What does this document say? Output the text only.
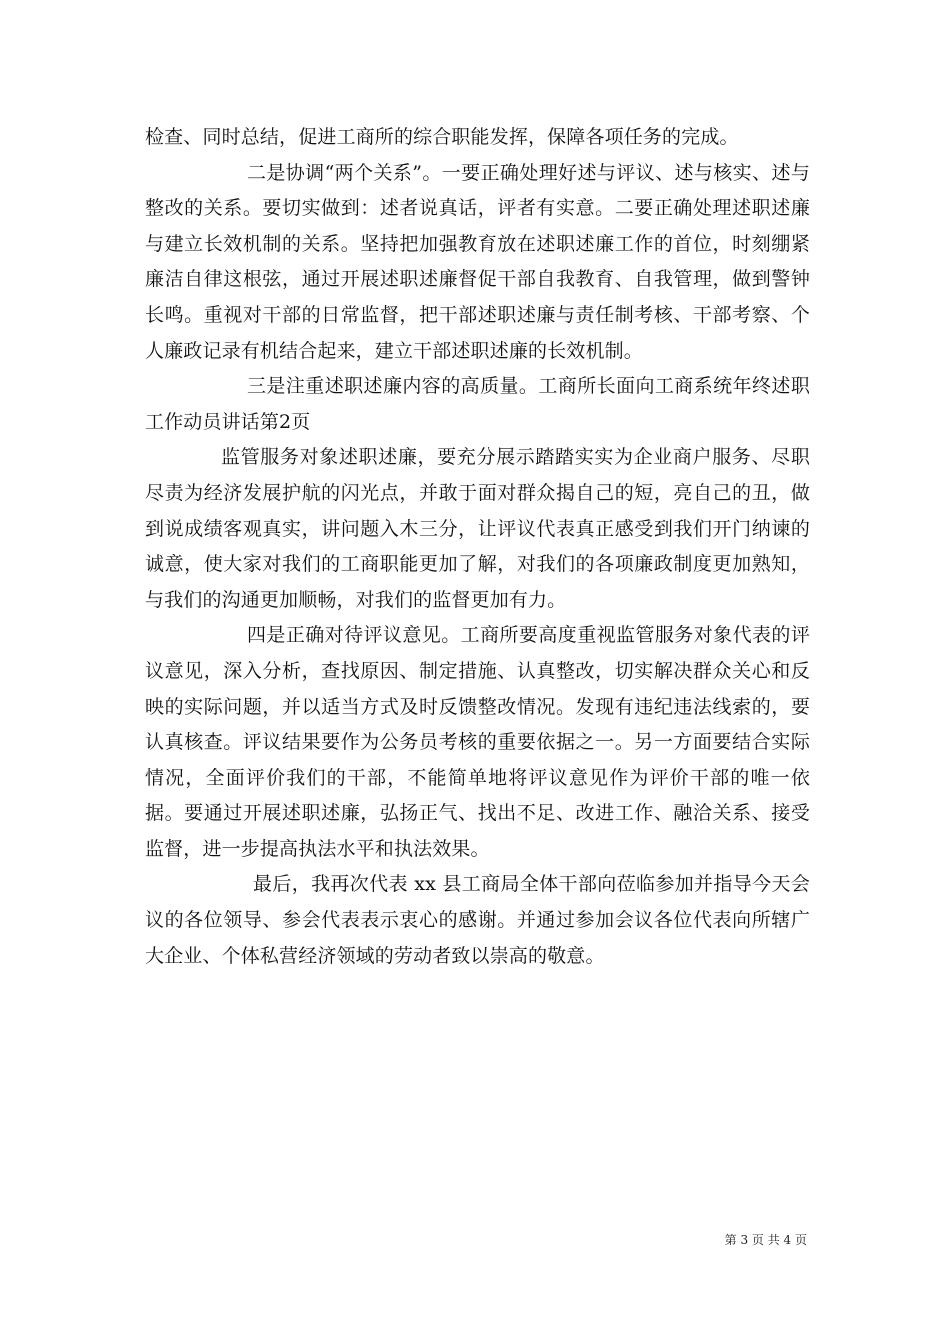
检查、同时总结，促进工商所的综合职能发挥，保障各项任务的完成。

二是协调“两个关系”。一要正确处理好述与评议、述与核实、述与整改的关系。要切实做到：述者说真话，评者有实意。二要正确处理述职述廉与建立长效机制的关系。坚持把加强教育放在述职述廉工作的首位，时刻绷紧廉洁自律这根弦，通过开展述职述廉督促干部自我教育、自我管理，做到警钟长鸣。重视对干部的日常监督，把干部述职述廉与责任制考核、干部考察、个人廉政记录有机结合起来，建立干部述职述廉的长效机制。

三是注重述职述廉内容的高质量。工商所长面向工商系统年终述职工作动员讲话第2页

监管服务对象述职述廉，要充分展示踏踏实实为企业商户服务、尽职尽责为经济发展护航的闪光点，并敢于面对群众揭自己的短，亮自己的丑，做到说成绩客观真实，讲问题入木三分，让评议代表真正感受到我们开门纳谏的诚意，使大家对我们的工商职能更加了解，对我们的各项廉政制度更加熟知，与我们的沟通更加顺畅，对我们的监督更加有力。

四是正确对待评议意见。工商所要高度重视监管服务对象代表的评议意见，深入分析，查找原因、制定措施、认真整改，切实解决群众关心和反映的实际问题，并以适当方式及时反馈整改情况。发现有违纪违法线索的，要认真核查。评议结果要作为公务员考核的重要依据之一。另一方面要结合实际情况，全面评价我们的干部，不能简单地将评议意见作为评价干部的唯一依据。要通过开展述职述廉，弘扬正气、找出不足、改进工作、融洽关系、接受监督，进一步提高执法水平和执法效果。

最后，我再次代表 xx 县工商局全体干部向莅临参加并指导今天会议的各位领导、参会代表表示衷心的感谢。并通过参加会议各位代表向所辖广大企业、个体私营经济领域的劳动者致以崇高的敬意。

第 3 页 共 4 页
